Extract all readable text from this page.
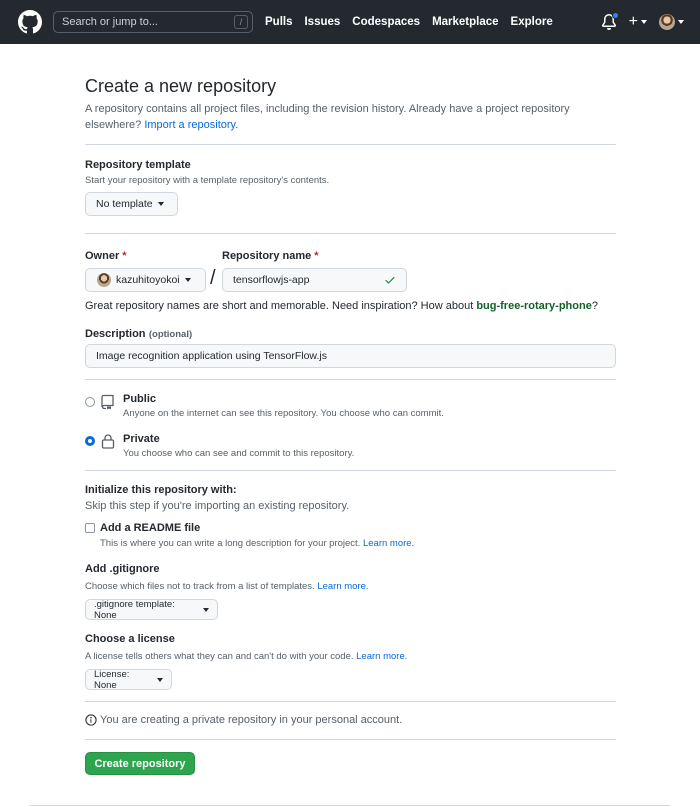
Search or jump to...	/	Pulls Issues Codespaces Marketplace Explore	+
Create a new repository
A repository contains all project files, including the revision history. Already have a project repository elsewhere? Import a repository.
Repository template
Start your repository with a template repository's contents.
No template
Owner *
kazuhitoyokoi /
Repository name *
tensorflowjs-app
Great repository names are short and memorable. Need inspiration? How about bug-free-rotary-phone?
Description (optional)
Image recognition application using TensorFlow.js
Public
Anyone on the internet can see this repository. You choose who can commit.
Private
You choose who can see and commit to this repository.
Initialize this repository with:
Skip this step if you're importing an existing repository.
Add a README file
This is where you can write a long description for your project. Learn more.
Add .gitignore
Choose which files not to track from a list of templates. Learn more.
.gitignore template: None
Choose a license
A license tells others what they can and can't do with your code. Learn more.
License: None
You are creating a private repository in your personal account.
Create repository
